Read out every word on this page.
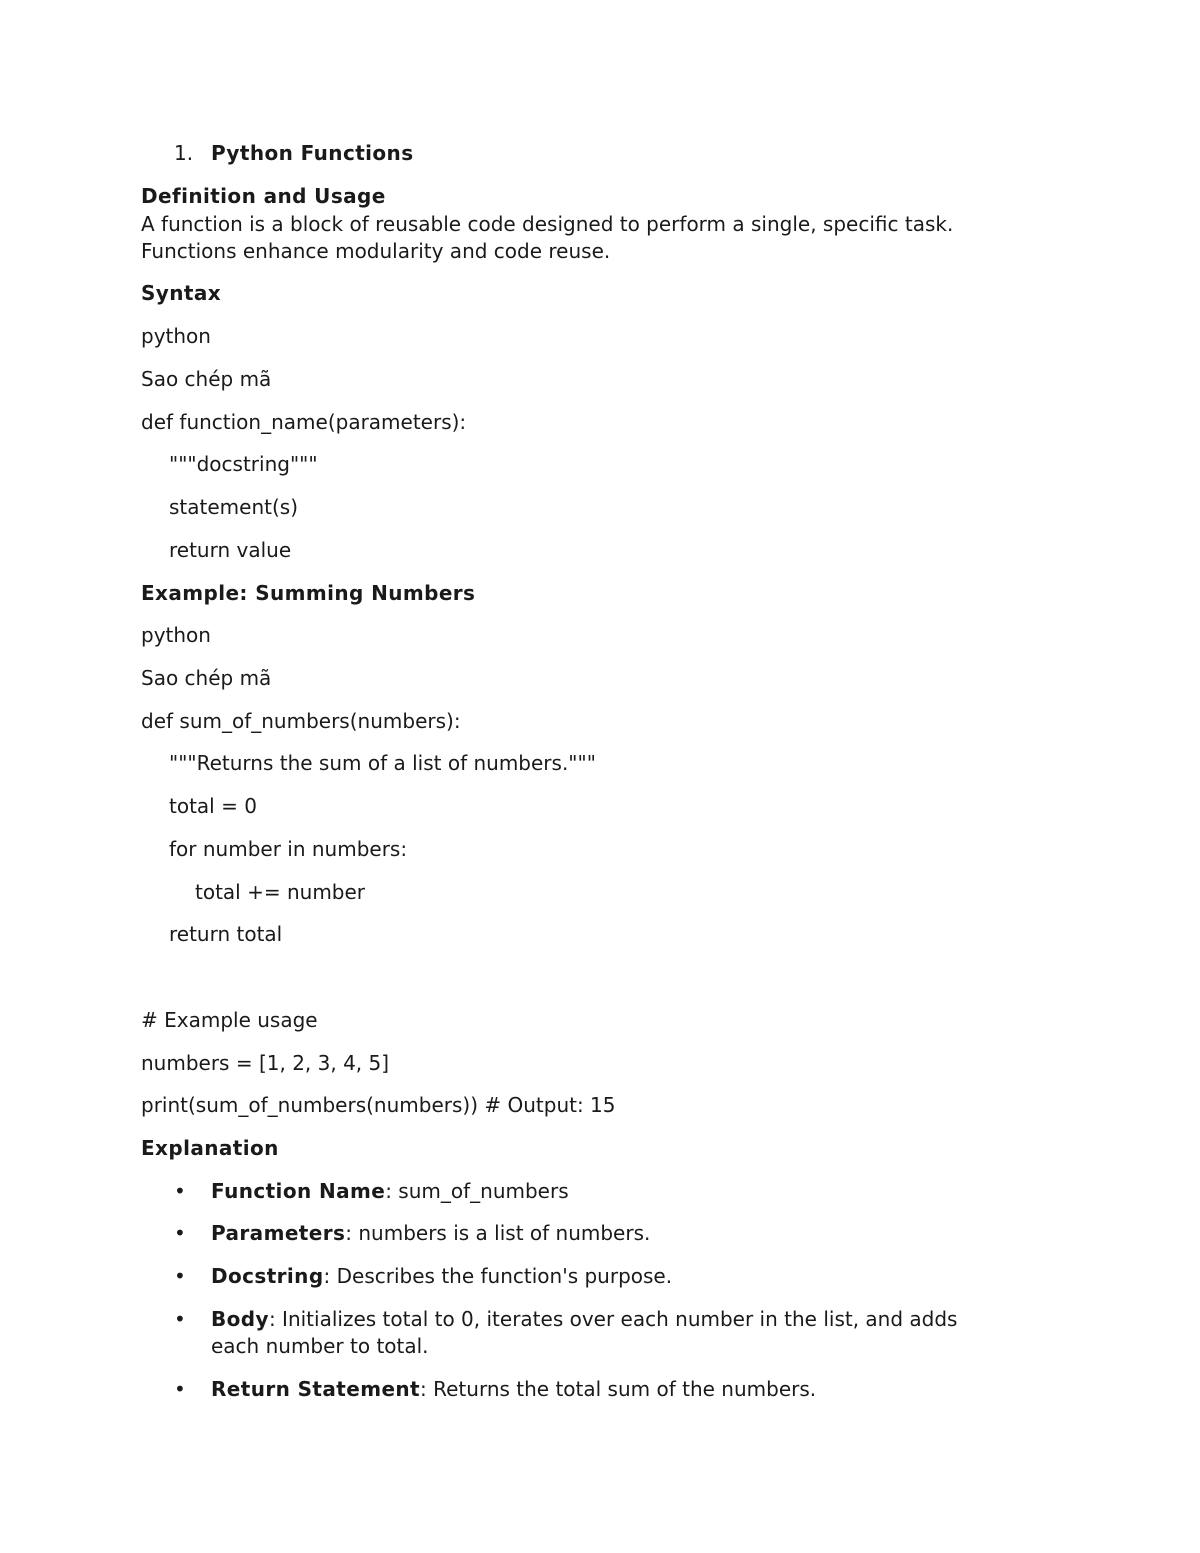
1. Python Functions
Definition and Usage
A function is a block of reusable code designed to perform a single, specific task.
Functions enhance modularity and code reuse.
Syntax
python
Sao chép mã
def function_name(parameters):
"""docstring"""
statement(s)
return value
Example: Summing Numbers
python
Sao chép mã
def sum_of_numbers(numbers):
"""Returns the sum of a list of numbers."""
total = 0
for number in numbers:
total += number
return total
# Example usage
numbers = [1, 2, 3, 4, 5]
print(sum_of_numbers(numbers)) # Output: 15
Explanation
• Function Name: sum_of_numbers
• Parameters: numbers is a list of numbers.
• Docstring: Describes the function's purpose.
• Body: Initializes total to 0, iterates over each number in the list, and adds
each number to total.
• Return Statement: Returns the total sum of the numbers.
